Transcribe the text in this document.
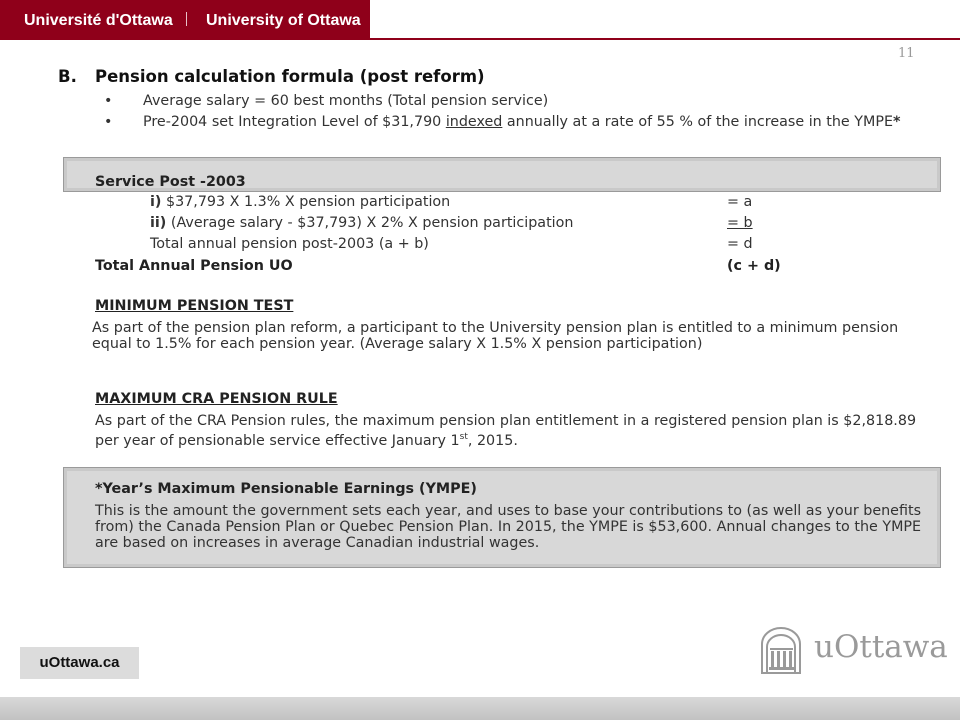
Université d'Ottawa University of Ottawa
11
B. Pension calculation formula (post reform)
• Average salary = 60 best months (Total pension service)
• Pre-2004 set Integration Level of $31,790 indexed annually at a rate of 55 % of the increase in the YMPE*
Service Post -2003
i) $37,793 X 1.3% X pension participation	= a
ii) (Average salary - $37,793) X 2% X pension participation	= b
Total annual pension post-2003 (a + b)	= d
Total Annual Pension UO	(c + d)
MINIMUM PENSION TEST
As part of the pension plan reform, a participant to the University pension plan is entitled to a minimum pension equal to 1.5% for each pension year. (Average salary X 1.5% X pension participation)
MAXIMUM CRA PENSION RULE
As part of the CRA Pension rules, the maximum pension plan entitlement in a registered pension plan is $2,818.89 per year of pensionable service effective January 1st, 2015.
*Year’s Maximum Pensionable Earnings (YMPE)
This is the amount the government sets each year, and uses to base your contributions to (as well as your benefits from) the Canada Pension Plan or Quebec Pension Plan. In 2015, the YMPE is $53,600. Annual changes to the YMPE are based on increases in average Canadian industrial wages.
uOttawa.ca	uOttawa
